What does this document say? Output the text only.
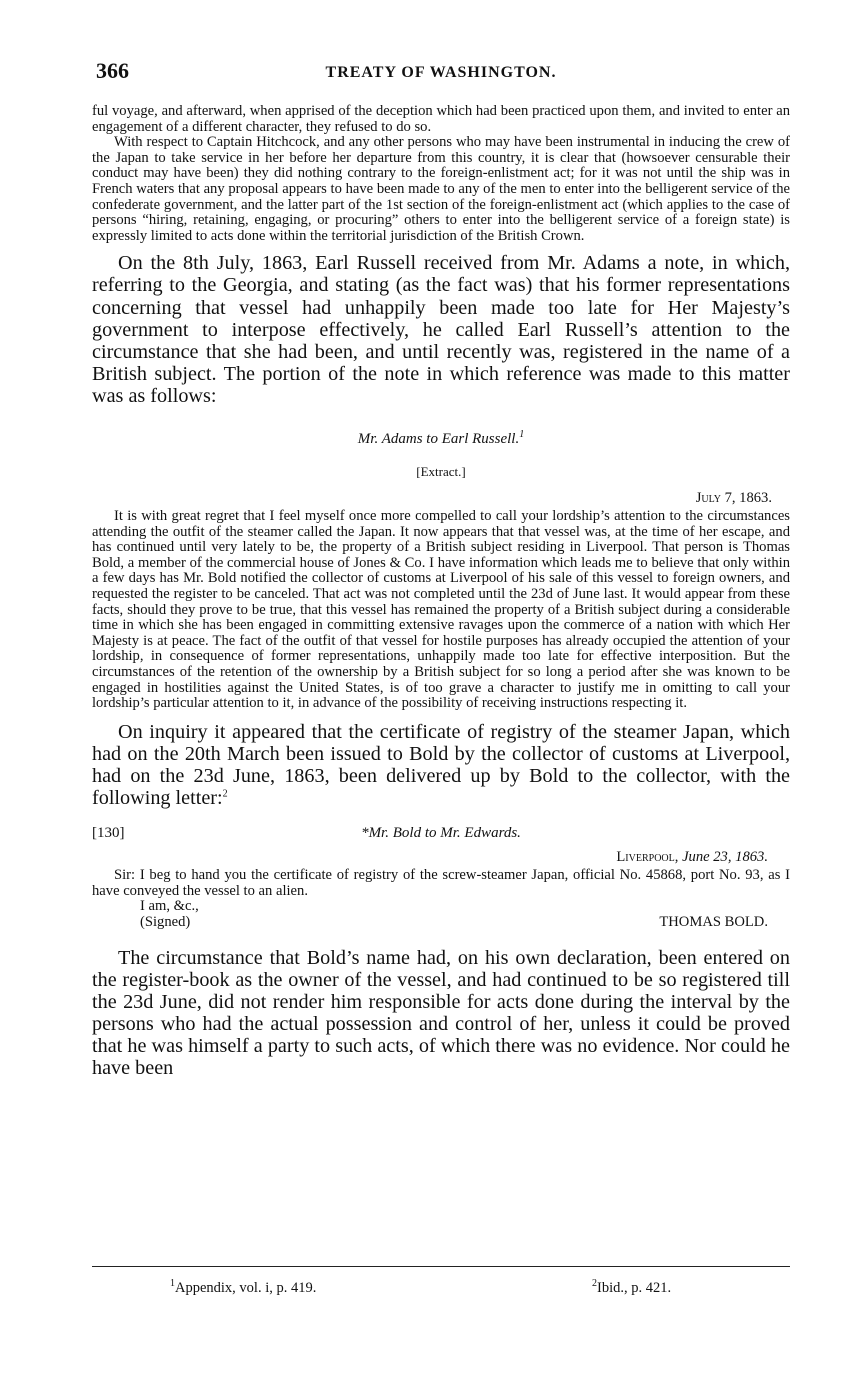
366	TREATY OF WASHINGTON.

ful voyage, and afterward, when apprised of the deception which had been practiced upon them, and invited to enter an engagement of a different character, they refused to do so.

With respect to Captain Hitchcock, and any other persons who may have been instrumental in inducing the crew of the Japan to take service in her before her departure from this country, it is clear that (howsoever censurable their conduct may have been) they did nothing contrary to the foreign-enlistment act; for it was not until the ship was in French waters that any proposal appears to have been made to any of the men to enter into the belligerent service of the confederate government, and the latter part of the 1st section of the foreign-enlistment act (which applies to the case of persons “hiring, retaining, engaging, or procuring” others to enter into the belligerent service of a foreign state) is expressly limited to acts done within the territorial jurisdiction of the British Crown.

On the 8th July, 1863, Earl Russell received from Mr. Adams a note, in which, referring to the Georgia, and stating (as the fact was) that his former representations concerning that vessel had unhappily been made too late for Her Majesty’s government to interpose effectively, he called Earl Russell’s attention to the circumstance that she had been, and until recently was, registered in the name of a British subject. The portion of the note in which reference was made to this matter was as follows:

Mr. Adams to Earl Russell.$^1$
[Extract.]
July 7, 1863.

It is with great regret that I feel myself once more compelled to call your lordship’s attention to the circumstances attending the outfit of the steamer called the Japan. It now appears that that vessel was, at the time of her escape, and has continued until very lately to be, the property of a British subject residing in Liverpool. That person is Thomas Bold, a member of the commercial house of Jones & Co. I have information which leads me to believe that only within a few days has Mr. Bold notified the collector of customs at Liverpool of his sale of this vessel to foreign owners, and requested the register to be canceled. That act was not completed until the 23d of June last. It would appear from these facts, should they prove to be true, that this vessel has remained the property of a British subject during a considerable time in which she has been engaged in committing extensive ravages upon the commerce of a nation with which Her Majesty is at peace. The fact of the outfit of that vessel for hostile purposes has already occupied the attention of your lordship, in consequence of former representations, unhappily made too late for effective interposition. But the circumstances of the retention of the ownership by a British subject for so long a period after she was known to be engaged in hostilities against the United States, is of too grave a character to justify me in omitting to call your lordship’s particular attention to it, in advance of the possibility of receiving instructions respecting it.

On inquiry it appeared that the certificate of registry of the steamer Japan, which had on the 20th March been issued to Bold by the collector of customs at Liverpool, had on the 23d June, 1863, been delivered up by Bold to the collector, with the following letter:$^2$

[130]	*Mr. Bold to Mr. Edwards.
Liverpool, June 23, 1863.

Sir: I beg to hand you the certificate of registry of the screw-steamer Japan, official No. 45868, port No. 93, as I have conveyed the vessel to an alien.

I am, &c.,
(Signed)	THOMAS BOLD.

The circumstance that Bold’s name had, on his own declaration, been entered on the register-book as the owner of the vessel, and had continued to be so registered till the 23d June, did not render him responsible for acts done during the interval by the persons who had the actual possession and control of her, unless it could be proved that he was himself a party to such acts, of which there was no evidence. Nor could he have been

$^1$Appendix, vol. i, p. 419.	$^2$Ibid., p. 421.
